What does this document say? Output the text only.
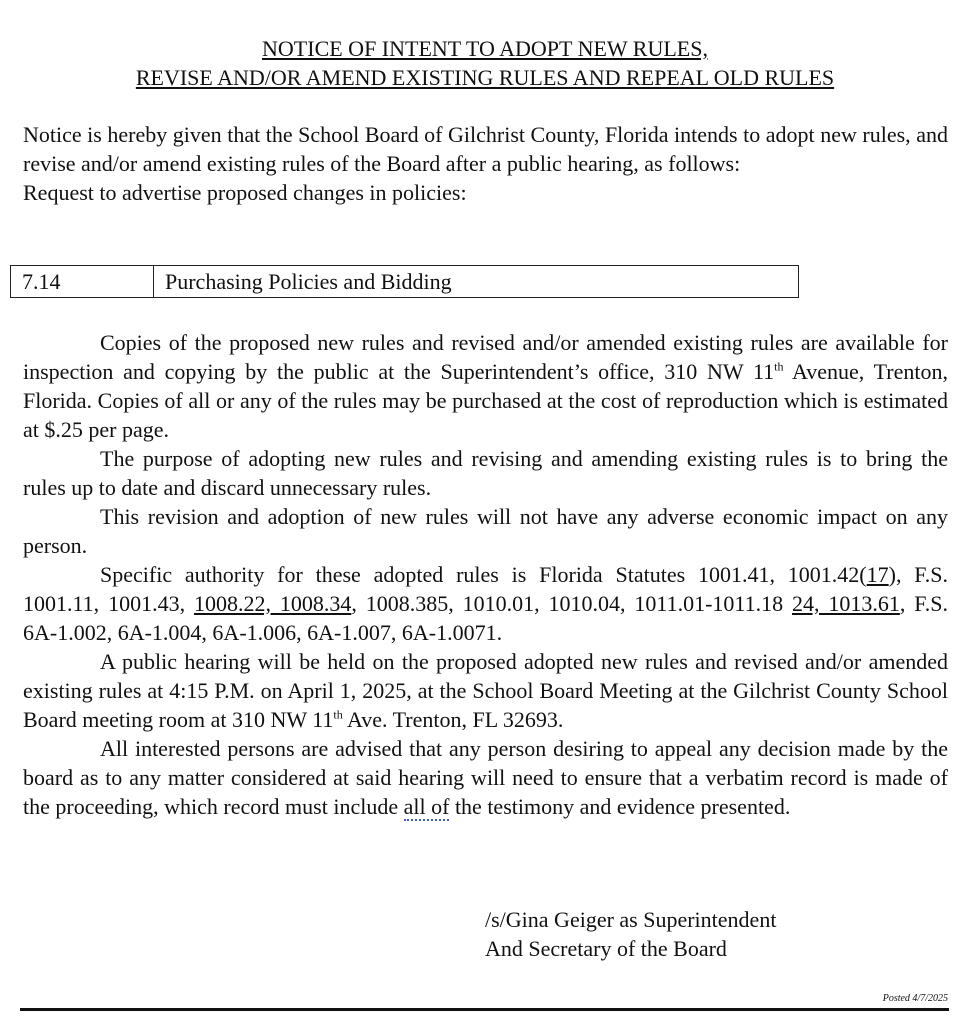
NOTICE OF INTENT TO ADOPT NEW RULES,
REVISE AND/OR AMEND EXISTING RULES AND REPEAL OLD RULES

Notice is hereby given that the School Board of Gilchrist County, Florida intends to adopt new rules, and revise and/or amend existing rules of the Board after a public hearing, as follows:

Request to advertise proposed changes in policies:

7.14	Purchasing Policies and Bidding

Copies of the proposed new rules and revised and/or amended existing rules are available for inspection and copying by the public at the Superintendent’s office, 310 NW 11th Avenue, Trenton, Florida. Copies of all or any of the rules may be purchased at the cost of reproduction which is estimated at $.25 per page.

The purpose of adopting new rules and revising and amending existing rules is to bring the rules up to date and discard unnecessary rules.

This revision and adoption of new rules will not have any adverse economic impact on any person.

Specific authority for these adopted rules is Florida Statutes 1001.41, 1001.42(17), F.S. 1001.11, 1001.43, 1008.22, 1008.34, 1008.385, 1010.01, 1010.04, 1011.01-1011.18 24, 1013.61, F.S. 6A-1.002, 6A-1.004, 6A-1.006, 6A-1.007, 6A-1.0071.

A public hearing will be held on the proposed adopted new rules and revised and/or amended existing rules at 4:15 P.M. on April 1, 2025, at the School Board Meeting at the Gilchrist County School Board meeting room at 310 NW 11th Ave. Trenton, FL 32693.

All interested persons are advised that any person desiring to appeal any decision made by the board as to any matter considered at said hearing will need to ensure that a verbatim record is made of the proceeding, which record must include all of the testimony and evidence presented.

/s/Gina Geiger as Superintendent
And Secretary of the Board
Posted 4/7/2025
